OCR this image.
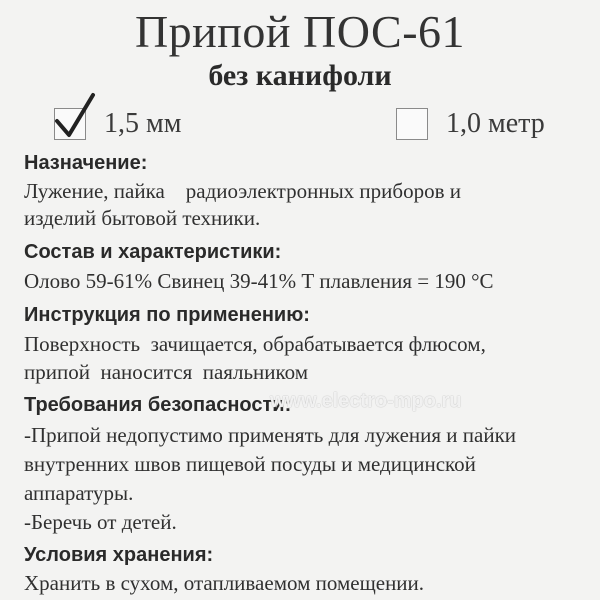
Припой ПОС-61
без канифоли
1,5 мм	1,0 метр
Назначение:
Лужение, пайка    радиоэлектронных приборов и
изделий бытовой техники.
Состав и характеристики:
Олово 59-61% Свинец 39-41% Т плавления = 190 °С
Инструкция по применению:
Поверхность  зачищается, обрабатывается флюсом,
припой  наносится  паяльником
Требования безопасности:
-Припой недопустимо применять для лужения и пайки
внутренних швов пищевой посуды и медицинской
аппаратуры.
-Беречь от детей.
Условия хранения:
Хранить в сухом, отапливаемом помещении.
www.electro-mpo.ru
